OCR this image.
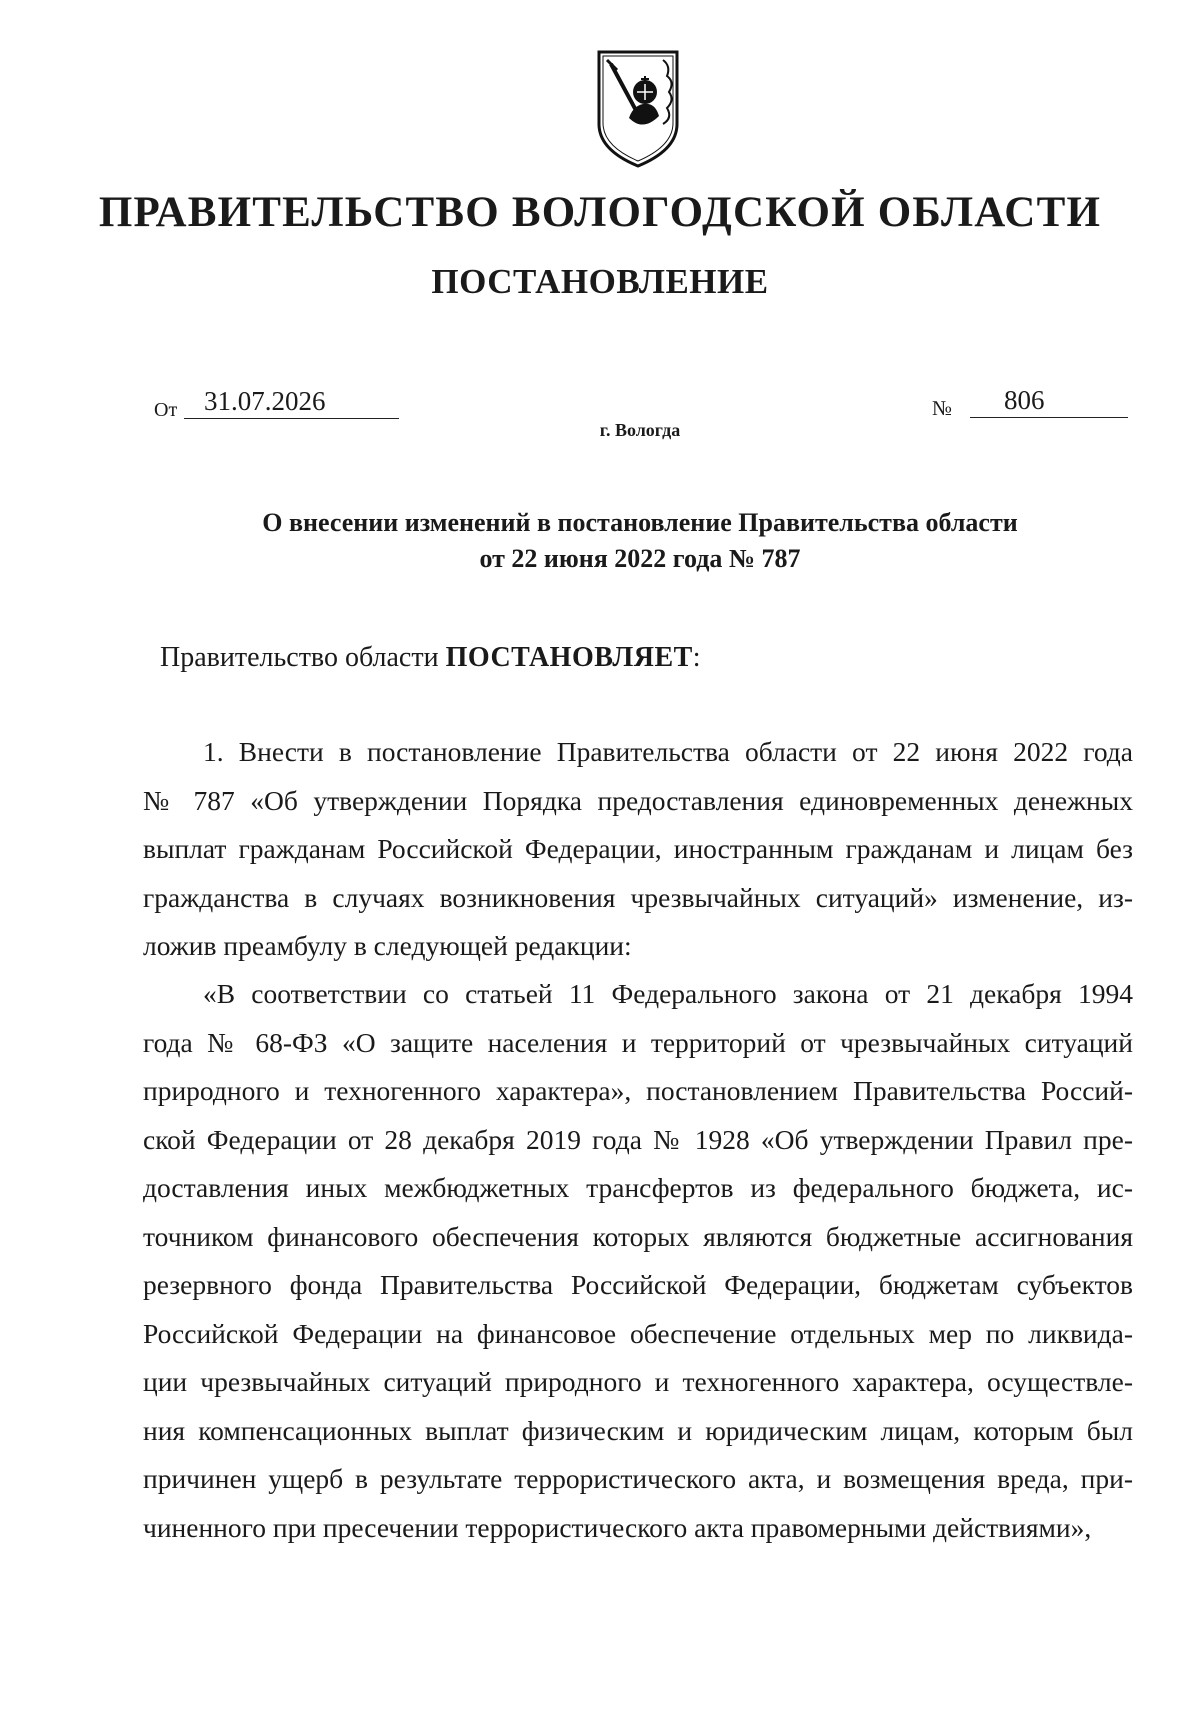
ПРАВИТЕЛЬСТВО ВОЛОГОДСКОЙ ОБЛАСТИ
ПОСТАНОВЛЕНИЕ
От 31.07.2026	№	806
г. Вологда
О внесении изменений в постановление Правительства области
от 22 июня 2022 года № 787
Правительство области ПОСТАНОВЛЯЕТ:
1. Внести в постановление Правительства области от 22 июня 2022 года
№ 787 «Об утверждении Порядка предоставления единовременных денежных
выплат гражданам Российской Федерации, иностранным гражданам и лицам без
гражданства в случаях возникновения чрезвычайных ситуаций» изменение, из-
ложив преамбулу в следующей редакции:
«В соответствии со статьей 11 Федерального закона от 21 декабря 1994
года № 68-ФЗ «О защите населения и территорий от чрезвычайных ситуаций
природного и техногенного характера», постановлением Правительства Россий-
ской Федерации от 28 декабря 2019 года № 1928 «Об утверждении Правил пре-
доставления иных межбюджетных трансфертов из федерального бюджета, ис-
точником финансового обеспечения которых являются бюджетные ассигнования
резервного фонда Правительства Российской Федерации, бюджетам субъектов
Российской Федерации на финансовое обеспечение отдельных мер по ликвида-
ции чрезвычайных ситуаций природного и техногенного характера, осуществле-
ния компенсационных выплат физическим и юридическим лицам, которым был
причинен ущерб в результате террористического акта, и возмещения вреда, при-
чиненного при пресечении террористического акта правомерными действиями»,
